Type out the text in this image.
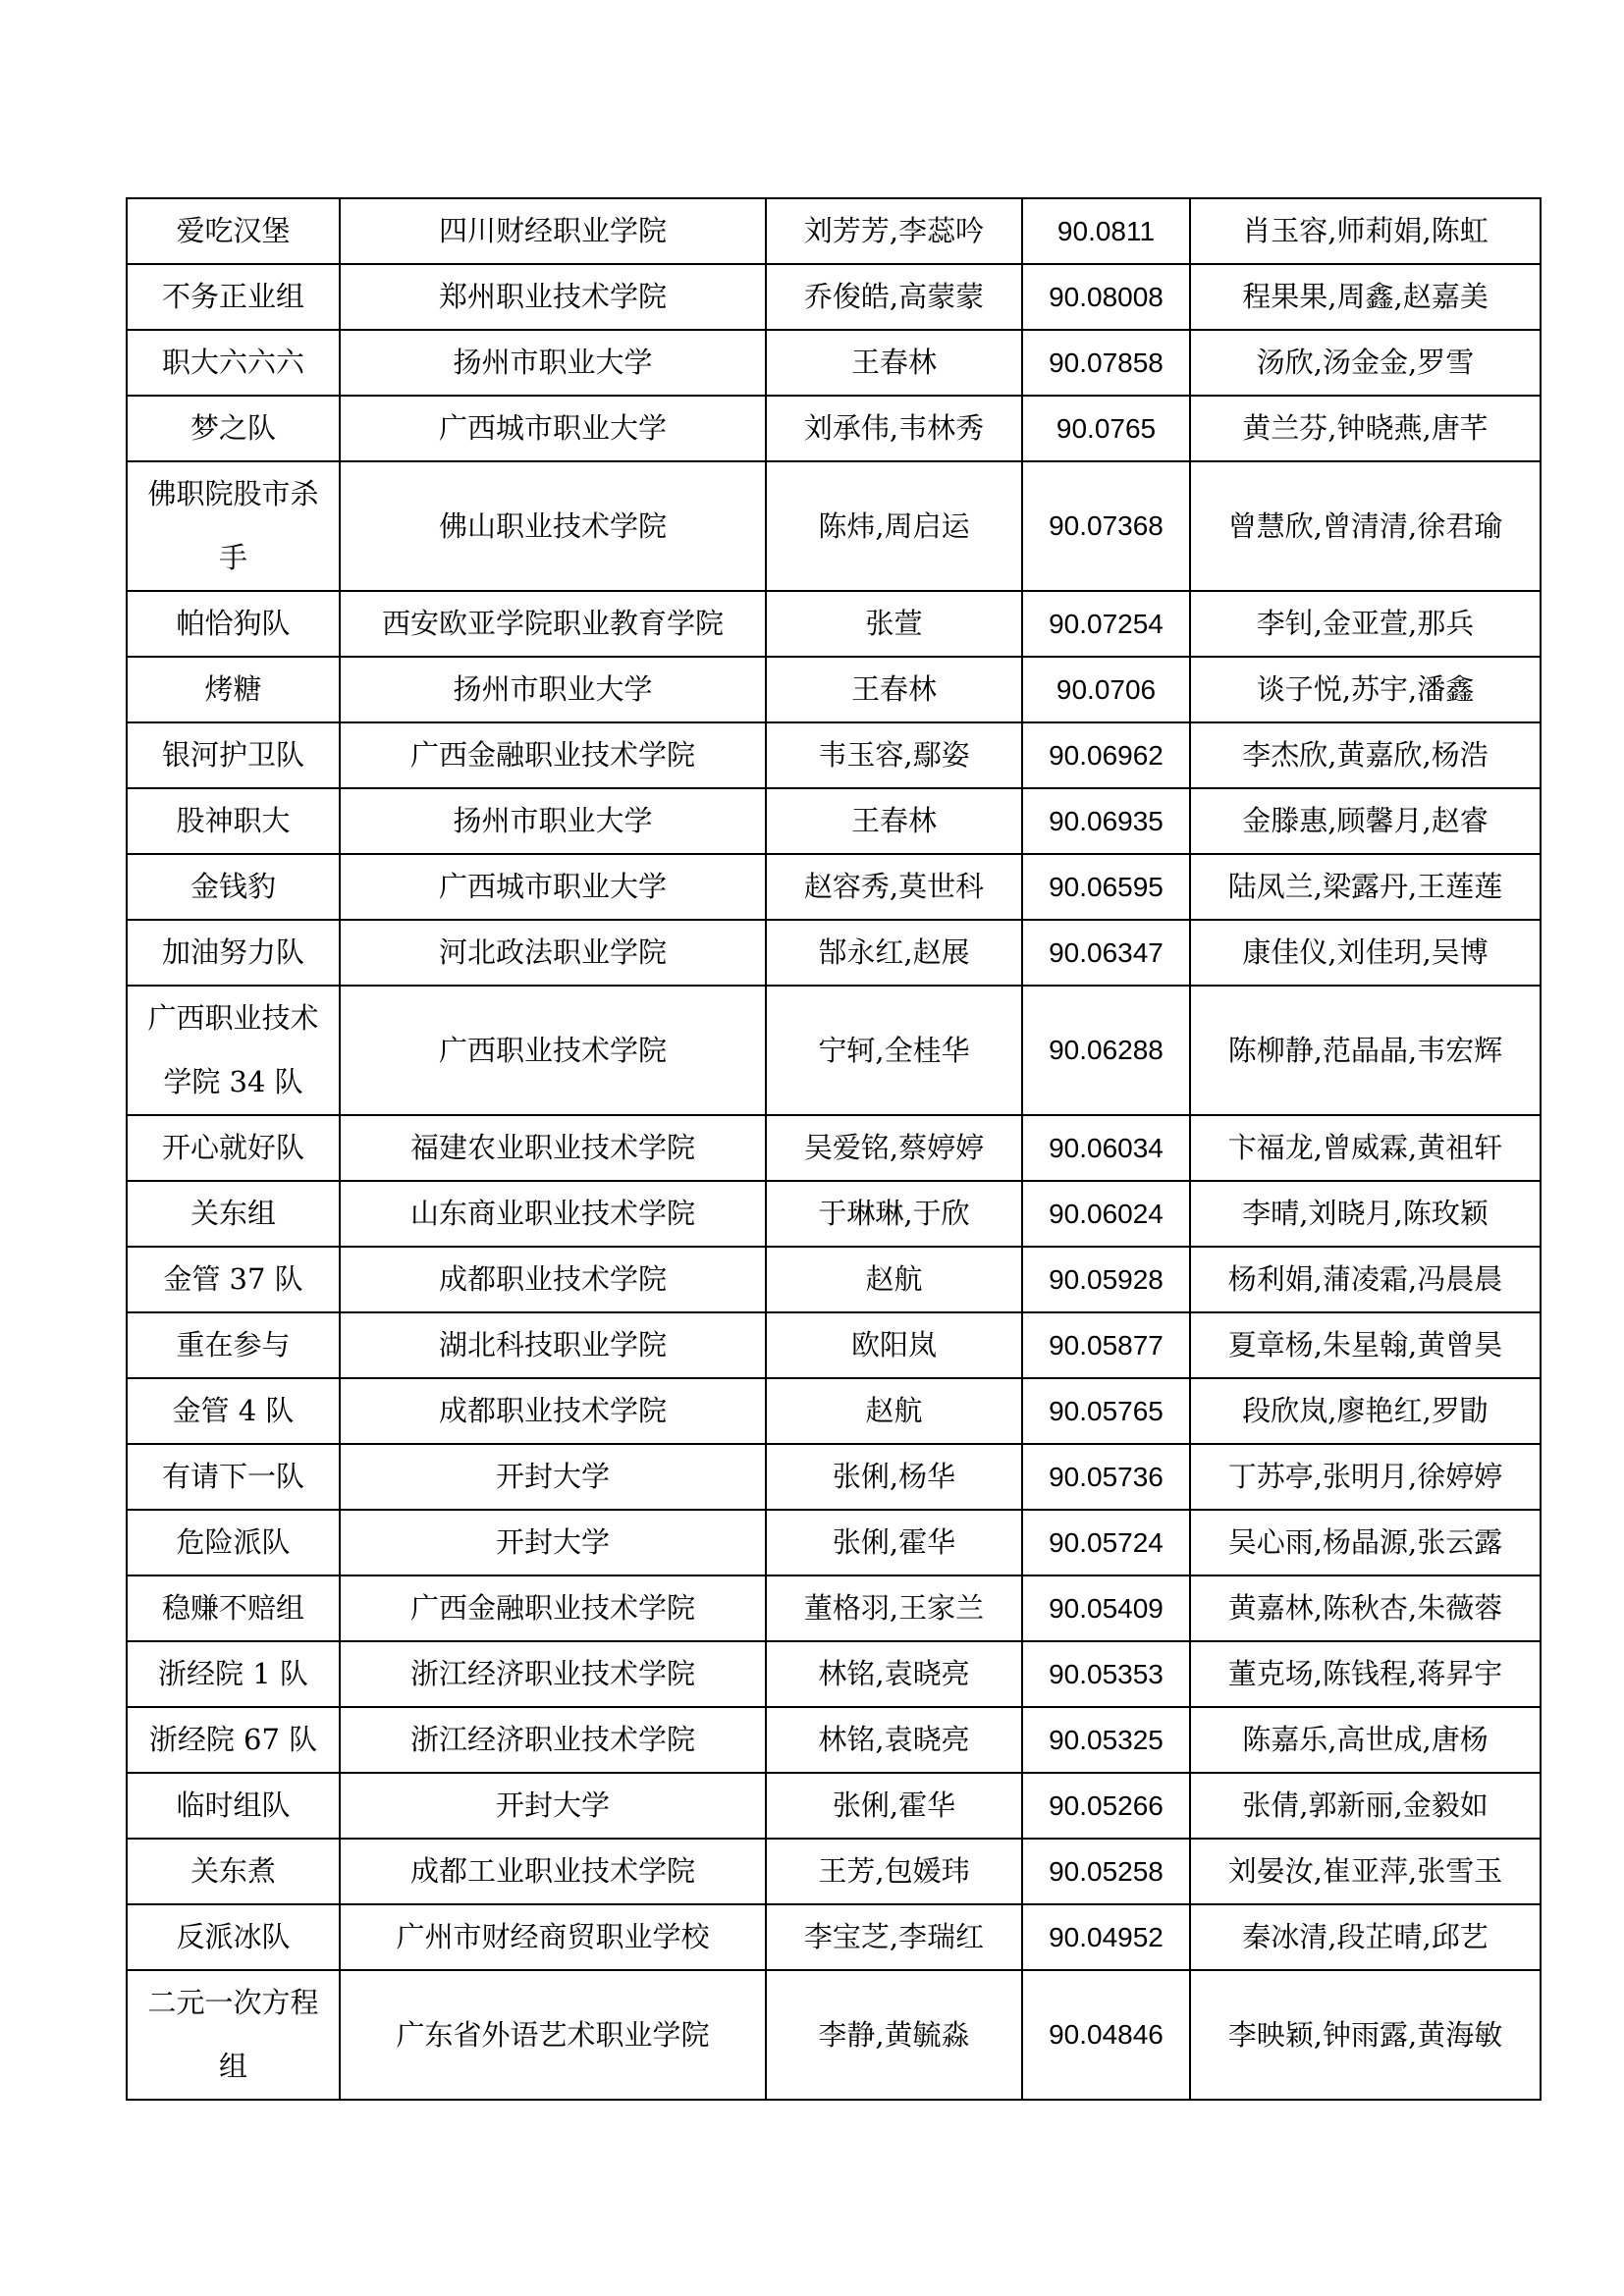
爱吃汉堡	四川财经职业学院	刘芳芳,李蕊吟	90.0811	肖玉容,师莉娟,陈虹
不务正业组	郑州职业技术学院	乔俊皓,高蒙蒙	90.08008	程果果,周鑫,赵嘉美
职大六六六	扬州市职业大学	王春林	90.07858	汤欣,汤金金,罗雪
梦之队	广西城市职业大学	刘承伟,韦林秀	90.0765	黄兰芬,钟晓燕,唐芊
佛职院股市杀手	佛山职业技术学院	陈炜,周启运	90.07368	曾慧欣,曾清清,徐君瑜
帕恰狗队	西安欧亚学院职业教育学院	张萱	90.07254	李钊,金亚萱,那兵
烤糖	扬州市职业大学	王春林	90.0706	谈子悦,苏宇,潘鑫
银河护卫队	广西金融职业技术学院	韦玉容,鄢姿	90.06962	李杰欣,黄嘉欣,杨浩
股神职大	扬州市职业大学	王春林	90.06935	金滕惠,顾馨月,赵睿
金钱豹	广西城市职业大学	赵容秀,莫世科	90.06595	陆凤兰,梁露丹,王莲莲
加油努力队	河北政法职业学院	郜永红,赵展	90.06347	康佳仪,刘佳玥,吴博
广西职业技术学院 34 队	广西职业技术学院	宁轲,全桂华	90.06288	陈柳静,范晶晶,韦宏辉
开心就好队	福建农业职业技术学院	吴爱铭,蔡婷婷	90.06034	卞福龙,曾威霖,黄祖轩
关东组	山东商业职业技术学院	于琳琳,于欣	90.06024	李晴,刘晓月,陈玫颖
金管 37 队	成都职业技术学院	赵航	90.05928	杨利娟,蒲凌霜,冯晨晨
重在参与	湖北科技职业学院	欧阳岚	90.05877	夏章杨,朱星翰,黄曾昊
金管 4 队	成都职业技术学院	赵航	90.05765	段欣岚,廖艳红,罗勖
有请下一队	开封大学	张俐,杨华	90.05736	丁苏亭,张明月,徐婷婷
危险派队	开封大学	张俐,霍华	90.05724	吴心雨,杨晶源,张云露
稳赚不赔组	广西金融职业技术学院	董格羽,王家兰	90.05409	黄嘉林,陈秋杏,朱薇蓉
浙经院 1 队	浙江经济职业技术学院	林铭,袁晓亮	90.05353	董克场,陈钱程,蒋昇宇
浙经院 67 队	浙江经济职业技术学院	林铭,袁晓亮	90.05325	陈嘉乐,高世成,唐杨
临时组队	开封大学	张俐,霍华	90.05266	张倩,郭新丽,金毅如
关东煮	成都工业职业技术学院	王芳,包媛玮	90.05258	刘晏汝,崔亚萍,张雪玉
反派冰队	广州市财经商贸职业学校	李宝芝,李瑞红	90.04952	秦冰清,段芷晴,邱艺
二元一次方程组	广东省外语艺术职业学院	李静,黄毓淼	90.04846	李映颖,钟雨露,黄海敏
